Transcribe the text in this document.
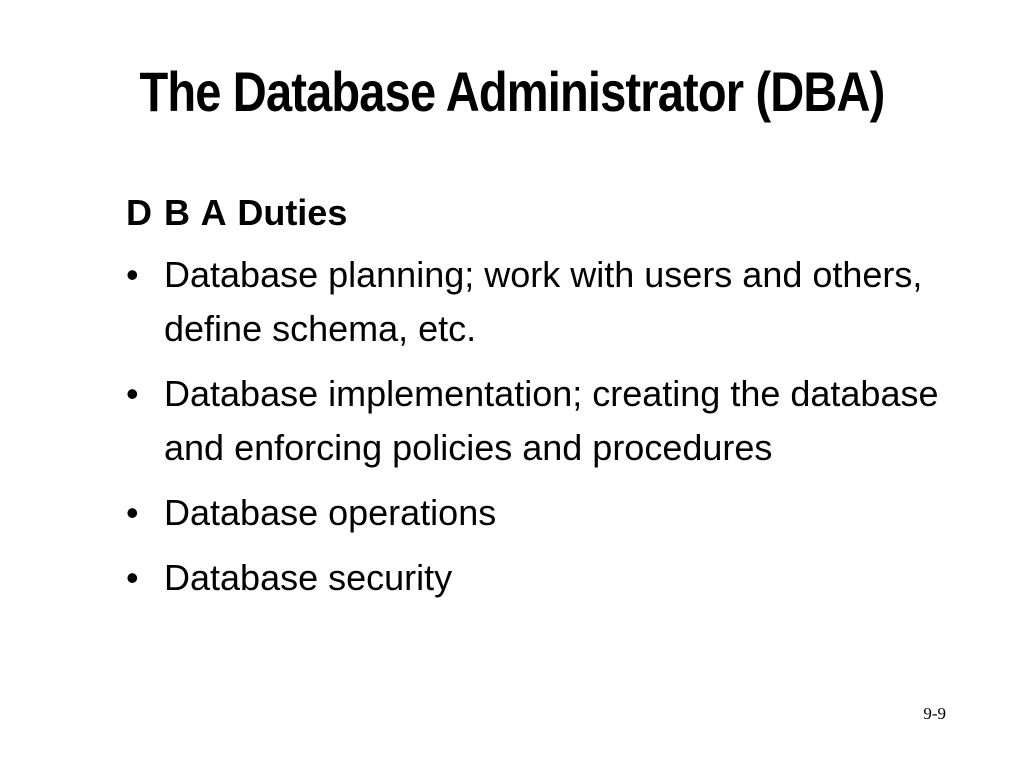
The Database Administrator (DBA)
D B A Duties
• Database planning; work with users and others, define schema, etc.
• Database implementation; creating the database and enforcing policies and procedures
• Database operations
• Database security
9-9
